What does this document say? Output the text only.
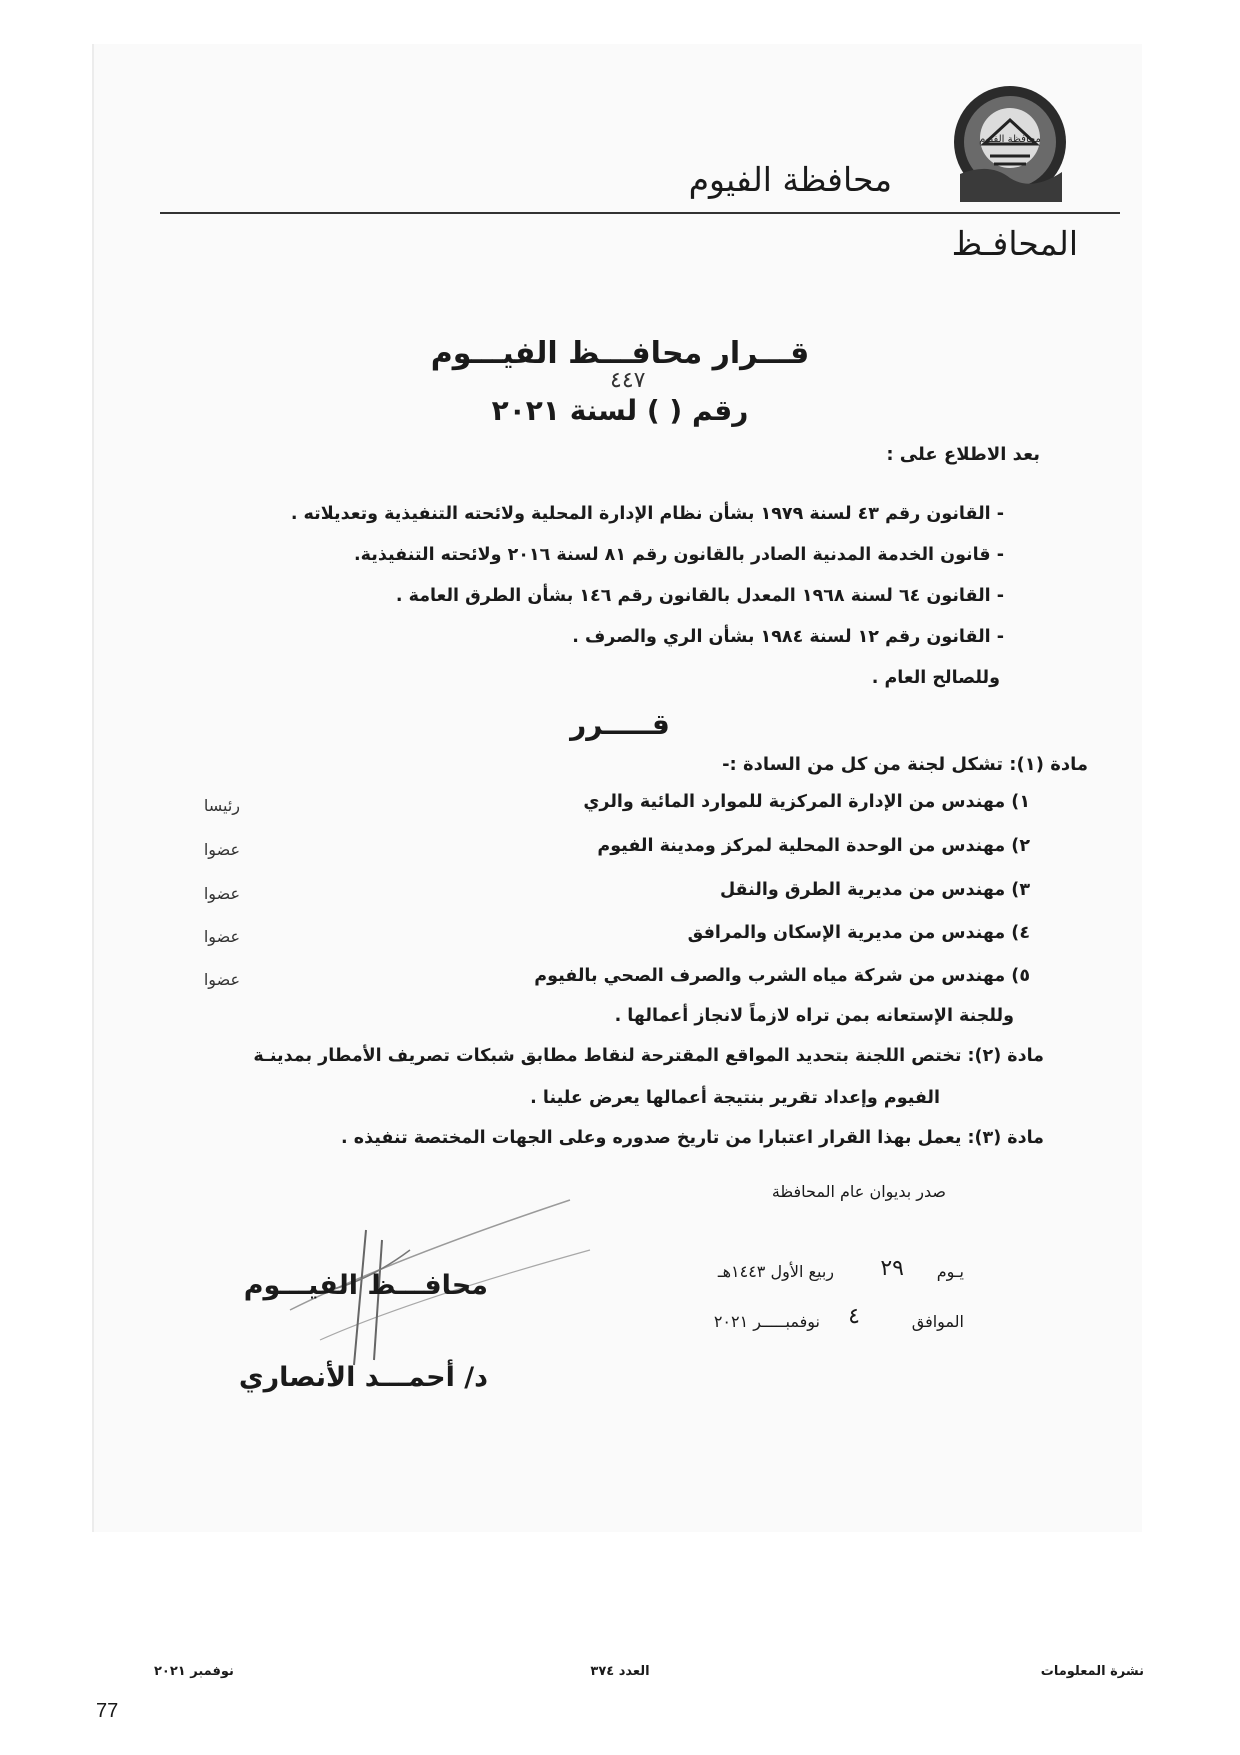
محافظة الفيوم
محافظة الفيوم
المحافـظ
قـــرار محافـــظ الفيـــوم
رقم ( ) لسنة ٢٠٢١
٤٤٧
بعد الاطلاع على :
- القانون رقم ٤٣ لسنة ١٩٧٩ بشأن نظام الإدارة المحلية ولائحته التنفيذية وتعديلاته .
- قانون الخدمة المدنية الصادر بالقانون رقم ٨١ لسنة ٢٠١٦ ولائحته التنفيذية.
- القانون ٦٤ لسنة ١٩٦٨ المعدل بالقانون رقم ١٤٦ بشأن الطرق العامة .
- القانون رقم ١٢ لسنة ١٩٨٤ بشأن الري والصرف .
وللصالح العام .
قـــــرر
مادة (١): تشكل لجنة من كل من السادة :-
١) مهندس من الإدارة المركزية للموارد المائية والري
رئيسا
٢) مهندس من الوحدة المحلية لمركز ومدينة الفيوم
عضوا
٣) مهندس من مديرية الطرق والنقل
عضوا
٤) مهندس من مديرية الإسكان والمرافق
عضوا
٥) مهندس من شركة مياه الشرب والصرف الصحي بالفيوم
عضوا
وللجنة الإستعانه بمن تراه لازماً لانجاز أعمالها .
مادة (٢): تختص اللجنة بتحديد المواقع المقترحة لنقاط مطابق شبكات تصريف الأمطار بمدينـة
الفيوم وإعداد تقرير بنتيجة أعمالها يعرض علينا .
مادة (٣): يعمل بهذا القرار اعتبارا من تاريخ صدوره وعلى الجهات المختصة تنفيذه .
صدر بديوان عام المحافظة
يـوم
٢٩
ربيع الأول ١٤٤٣هـ
الموافق
٤
نوفمبـــــر ٢٠٢١
محافـــظ الفيـــوم
د/ أحمـــد الأنصاري
نشرة المعلومات
العدد ٣٧٤
نوفمبر ٢٠٢١
77
